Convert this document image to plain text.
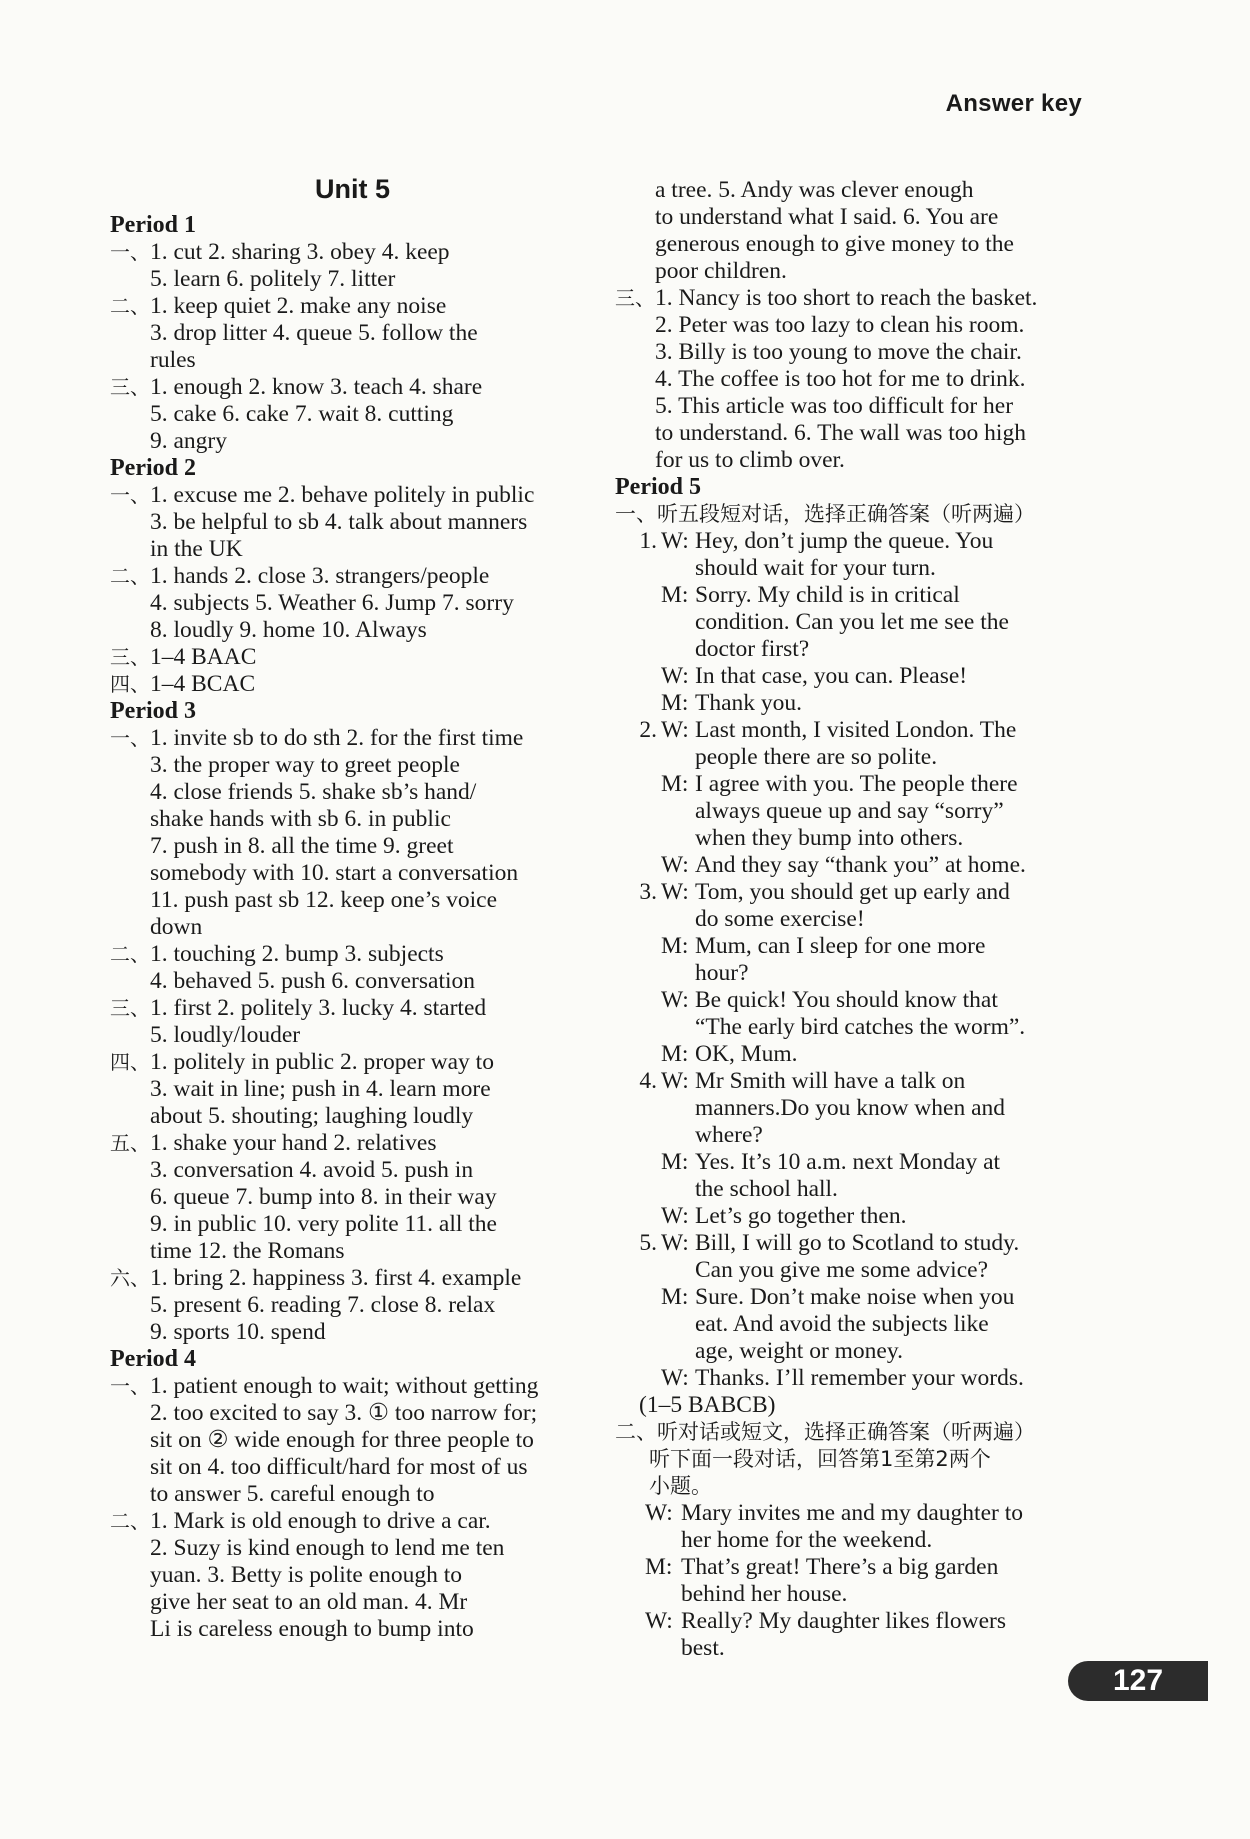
Answer key
Unit 5
Period 1
一、 1. cut 2. sharing 3. obey 4. keep
5. learn 6. politely 7. litter
二、 1. keep quiet 2. make any noise
3. drop litter 4. queue 5. follow the
rules
三、 1. enough 2. know 3. teach 4. share
5. cake 6. cake 7. wait 8. cutting
9. angry
Period 2
一、 1. excuse me 2. behave politely in public
3. be helpful to sb 4. talk about manners
in the UK
二、 1. hands 2. close 3. strangers/people
4. subjects 5. Weather 6. Jump 7. sorry
8. loudly 9. home 10. Always
三、 1–4 BAAC
四、 1–4 BCAC
Period 3
一、 1. invite sb to do sth 2. for the first time
3. the proper way to greet people
4. close friends 5. shake sb’s hand/
shake hands with sb 6. in public
7. push in 8. all the time 9. greet
somebody with 10. start a conversation
11. push past sb 12. keep one’s voice
down
二、 1. touching 2. bump 3. subjects
4. behaved 5. push 6. conversation
三、 1. first 2. politely 3. lucky 4. started
5. loudly/louder
四、 1. politely in public 2. proper way to
3. wait in line; push in 4. learn more
about 5. shouting; laughing loudly
五、 1. shake your hand 2. relatives
3. conversation 4. avoid 5. push in
6. queue 7. bump into 8. in their way
9. in public 10. very polite 11. all the
time 12. the Romans
六、 1. bring 2. happiness 3. first 4. example
5. present 6. reading 7. close 8. relax
9. sports 10. spend
Period 4
一、 1. patient enough to wait; without getting
2. too excited to say 3. ① too narrow for;
sit on ② wide enough for three people to
sit on 4. too difficult/hard for most of us
to answer 5. careful enough to
二、 1. Mark is old enough to drive a car.
2. Suzy is kind enough to lend me ten
yuan. 3. Betty is polite enough to
give her seat to an old man. 4. Mr
Li is careless enough to bump into
a tree. 5. Andy was clever enough
to understand what I said. 6. You are
generous enough to give money to the
poor children.
三、 1. Nancy is too short to reach the basket.
2. Peter was too lazy to clean his room.
3. Billy is too young to move the chair.
4. The coffee is too hot for me to drink.
5. This article was too difficult for her
to understand. 6. The wall was too high
for us to climb over.
Period 5
一、听五段短对话，选择正确答案（听两遍）
1. W: Hey, don’t jump the queue. You
should wait for your turn.
M: Sorry. My child is in critical
condition. Can you let me see the
doctor first?
W: In that case, you can. Please!
M: Thank you.
2. W: Last month, I visited London. The
people there are so polite.
M: I agree with you. The people there
always queue up and say “sorry”
when they bump into others.
W: And they say “thank you” at home.
3. W: Tom, you should get up early and
do some exercise!
M: Mum, can I sleep for one more
hour?
W: Be quick! You should know that
“The early bird catches the worm”.
M: OK, Mum.
4. W: Mr Smith will have a talk on
manners.Do you know when and
where?
M: Yes. It’s 10 a.m. next Monday at
the school hall.
W: Let’s go together then.
5. W: Bill, I will go to Scotland to study.
Can you give me some advice?
M: Sure. Don’t make noise when you
eat. And avoid the subjects like
age, weight or money.
W: Thanks. I’ll remember your words.
(1–5 BABCB)
二、听对话或短文，选择正确答案（听两遍）
听下面一段对话，回答第1至第2两个
小题。
W: Mary invites me and my daughter to
her home for the weekend.
M: That’s great! There’s a big garden
behind her house.
W: Really? My daughter likes flowers
best.
127
